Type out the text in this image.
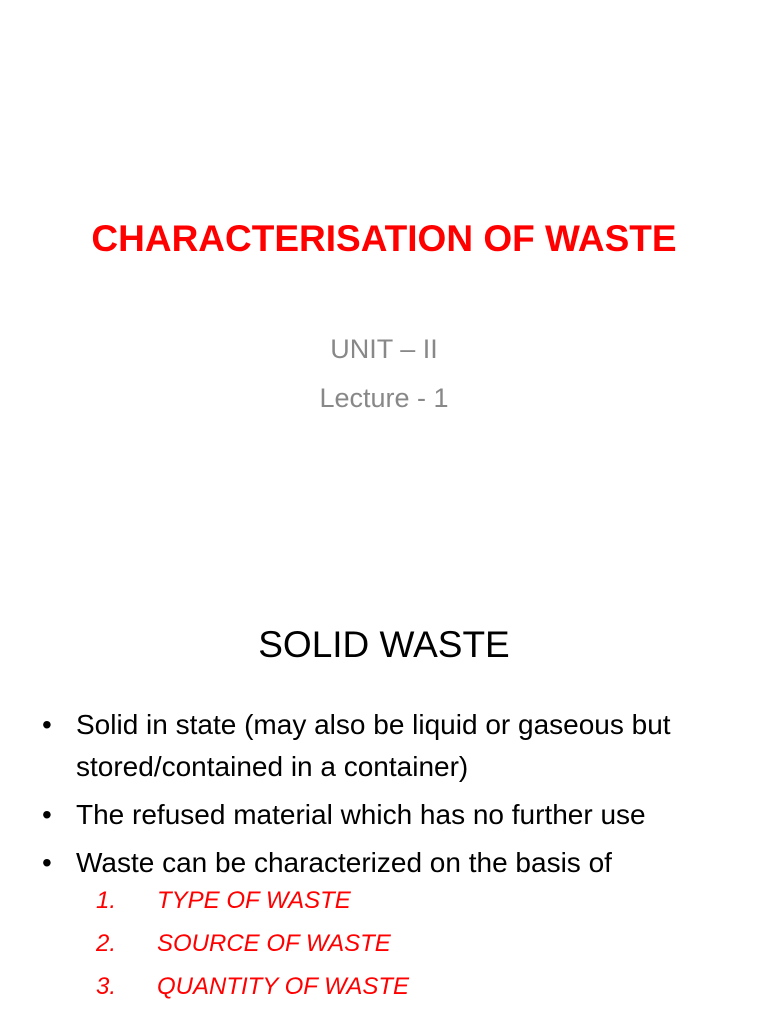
CHARACTERISATION OF WASTE
UNIT – II
Lecture - 1
SOLID WASTE
• Solid in state (may also be liquid or gaseous but stored/contained in a container)
• The refused material which has no further use
• Waste can be characterized on the basis of
1. TYPE OF WASTE
2. SOURCE OF WASTE
3. QUANTITY OF WASTE
